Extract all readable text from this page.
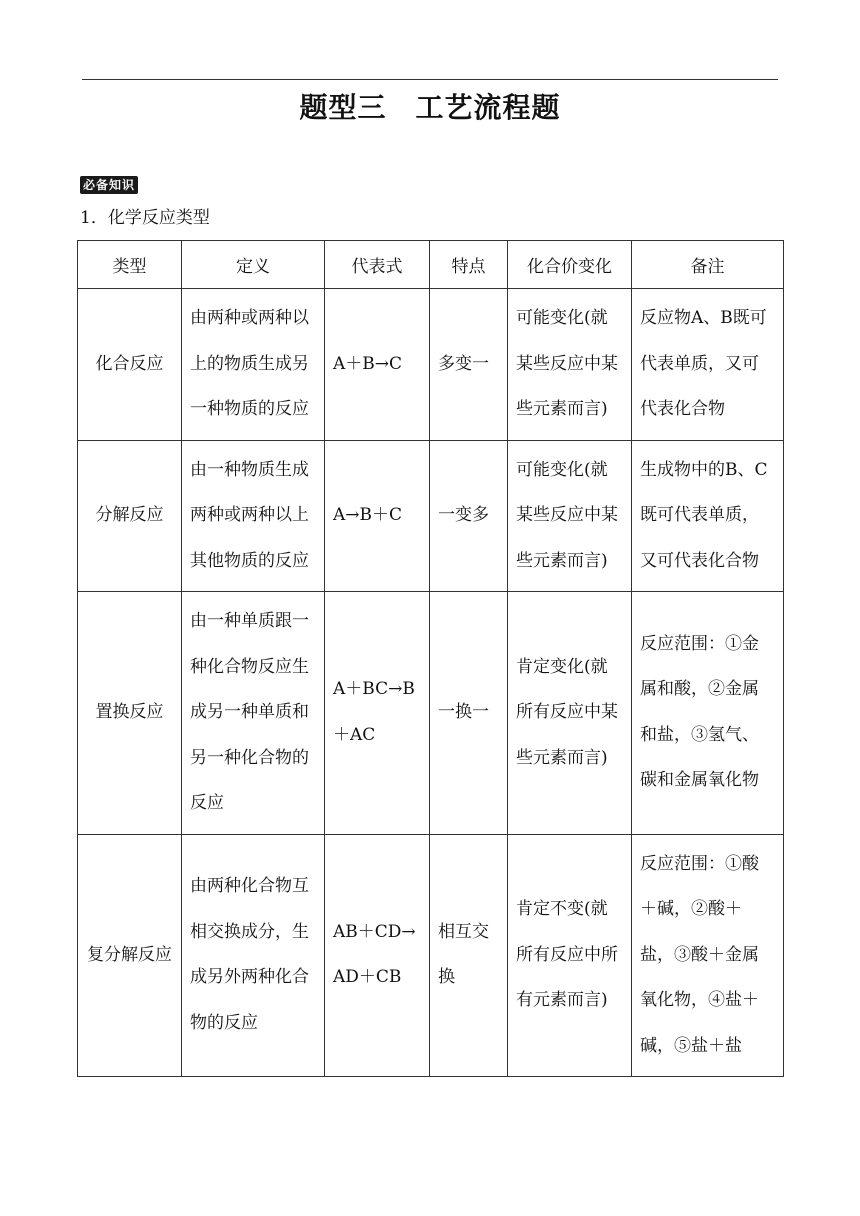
题型三　工艺流程题
必备知识
1．化学反应类型
类型	定义	代表式	特点	化合价变化	备注
化合反应	由两种或两种以上的物质生成另一种物质的反应	A＋B→C	多变一	可能变化(就某些反应中某些元素而言)	反应物A、B既可代表单质，又可代表化合物
分解反应	由一种物质生成两种或两种以上其他物质的反应	A→B＋C	一变多	可能变化(就某些反应中某些元素而言)	生成物中的B、C既可代表单质，又可代表化合物
置换反应	由一种单质跟一种化合物反应生成另一种单质和另一种化合物的反应	A＋BC→B＋AC	一换一	肯定变化(就所有反应中某些元素而言)	反应范围：①金属和酸，②金属和盐，③氢气、碳和金属氧化物
复分解反应	由两种化合物互相交换成分，生成另外两种化合物的反应	AB＋CD→AD＋CB	相互交换	肯定不变(就所有反应中所有元素而言)	反应范围：①酸＋碱，②酸＋盐，③酸＋金属氧化物，④盐＋碱，⑤盐＋盐
